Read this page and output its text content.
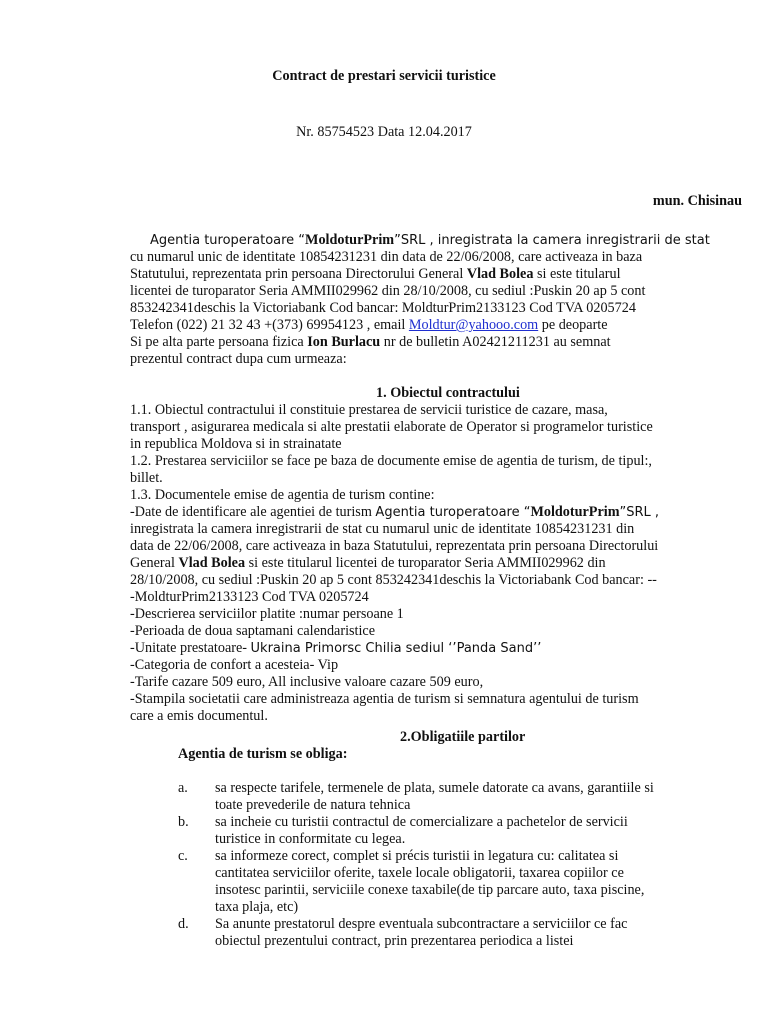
Contract de prestari servicii turistice
Nr. 85754523 Data 12.04.2017
mun. Chisinau
Agentia turoperatoare “MoldoturPrim”SRL , inregistrata la camera inregistrarii de stat
cu numarul unic de identitate 10854231231 din data de 22/06/2008, care activeaza in baza
Statutului, reprezentata prin persoana Directorului General Vlad Bolea si este titularul
licentei de turoparator Seria AMMII029962 din 28/10/2008, cu sediul :Puskin 20 ap 5 cont
853242341deschis la Victoriabank Cod bancar: MoldturPrim2133123 Cod TVA 0205724
Telefon (022) 21 32 43 +(373) 69954123 , email Moldtur@yahooo.com pe deoparte
Si pe alta parte persoana fizica Ion Burlacu nr de bulletin A02421211231 au semnat
prezentul contract dupa cum urmeaza:
1. Obiectul contractului
1.1. Obiectul contractului il constituie prestarea de servicii turistice de cazare, masa,
transport , asigurarea medicala si alte prestatii elaborate de Operator si programelor turistice
in republica Moldova si in strainatate
1.2. Prestarea serviciilor se face pe baza de documente emise de agentia de turism, de tipul:,
billet.
1.3. Documentele emise de agentia de turism contine:
-Date de identificare ale agentiei de turism Agentia turoperatoare “MoldoturPrim”SRL ,
inregistrata la camera inregistrarii de stat cu numarul unic de identitate 10854231231 din
data de 22/06/2008, care activeaza in baza Statutului, reprezentata prin persoana Directorului
General Vlad Bolea si este titularul licentei de turoparator Seria AMMII029962 din
28/10/2008, cu sediul :Puskin 20 ap 5 cont 853242341deschis la Victoriabank Cod bancar: --
-MoldturPrim2133123 Cod TVA 0205724
-Descrierea serviciilor platite :numar persoane 1
-Perioada de doua saptamani calendaristice
-Unitate prestatoare- Ukraina Primorsc Chilia sediul ‘’Panda Sand’’
-Categoria de confort a acesteia- Vip
-Tarife cazare 509 euro, All inclusive valoare cazare 509 euro,
-Stampila societatii care administreaza agentia de turism si semnatura agentului de turism
care a emis documentul.
2.Obligatiile partilor
Agentia de turism se obliga:
a. sa respecte tarifele, termenele de plata, sumele datorate ca avans, garantiile si
toate prevederile de natura tehnica
b. sa incheie cu turistii contractul de comercializare a pachetelor de servicii
turistice in conformitate cu legea.
c. sa informeze corect, complet si précis turistii in legatura cu: calitatea si
cantitatea serviciilor oferite, taxele locale obligatorii, taxarea copiilor ce
insotesc parintii, serviciile conexe taxabile(de tip parcare auto, taxa piscine,
taxa plaja, etc)
d. Sa anunte prestatorul despre eventuala subcontractare a serviciilor ce fac
obiectul prezentului contract, prin prezentarea periodica a listei
